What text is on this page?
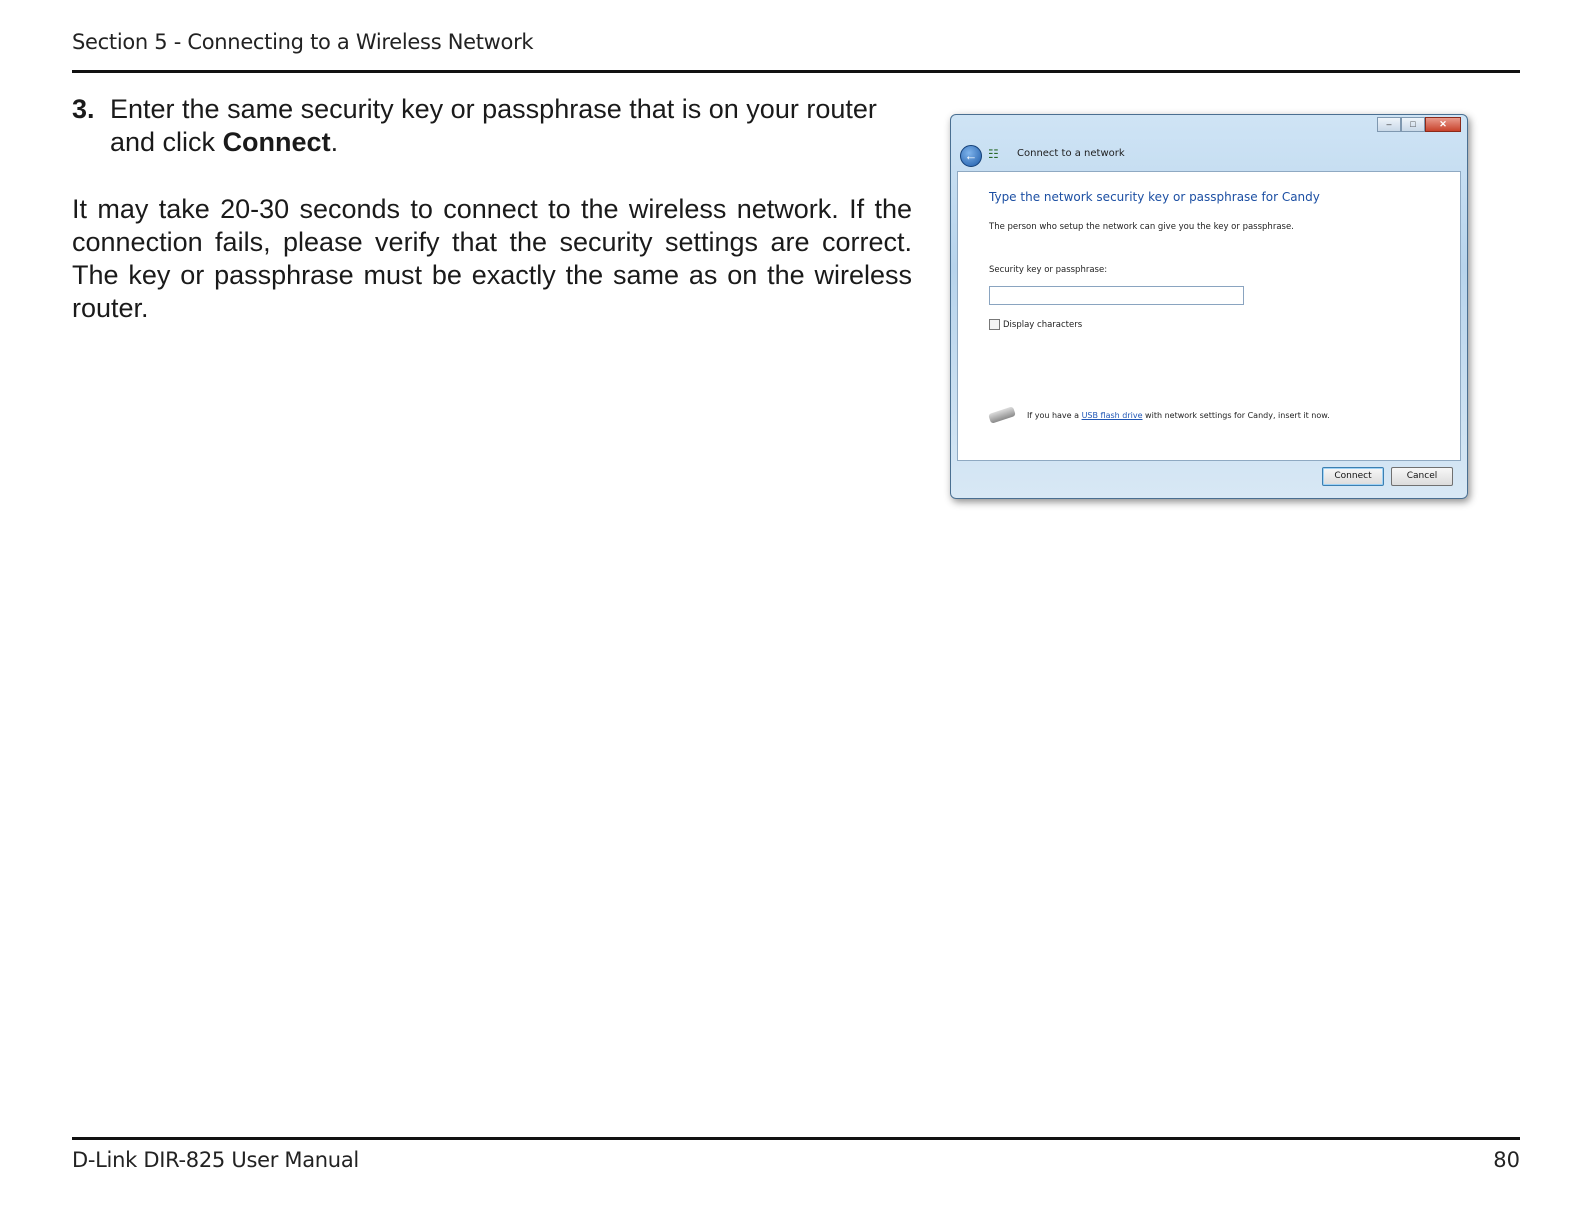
Section 5 - Connecting to a Wireless Network
3. Enter the same security key or passphrase that is on your router and click Connect.
It may take 20-30 seconds to connect to the wireless network. If the connection fails, please verify that the security settings are correct. The key or passphrase must be exactly the same as on the wireless router.
–	□	✕
← ☷	Connect to a network
Type the network security key or passphrase for Candy
The person who setup the network can give you the key or passphrase.
Security key or passphrase:
Display characters
If you have a USB flash drive with network settings for Candy, insert it now.
Connect	Cancel
D-Link DIR-825 User Manual	80
